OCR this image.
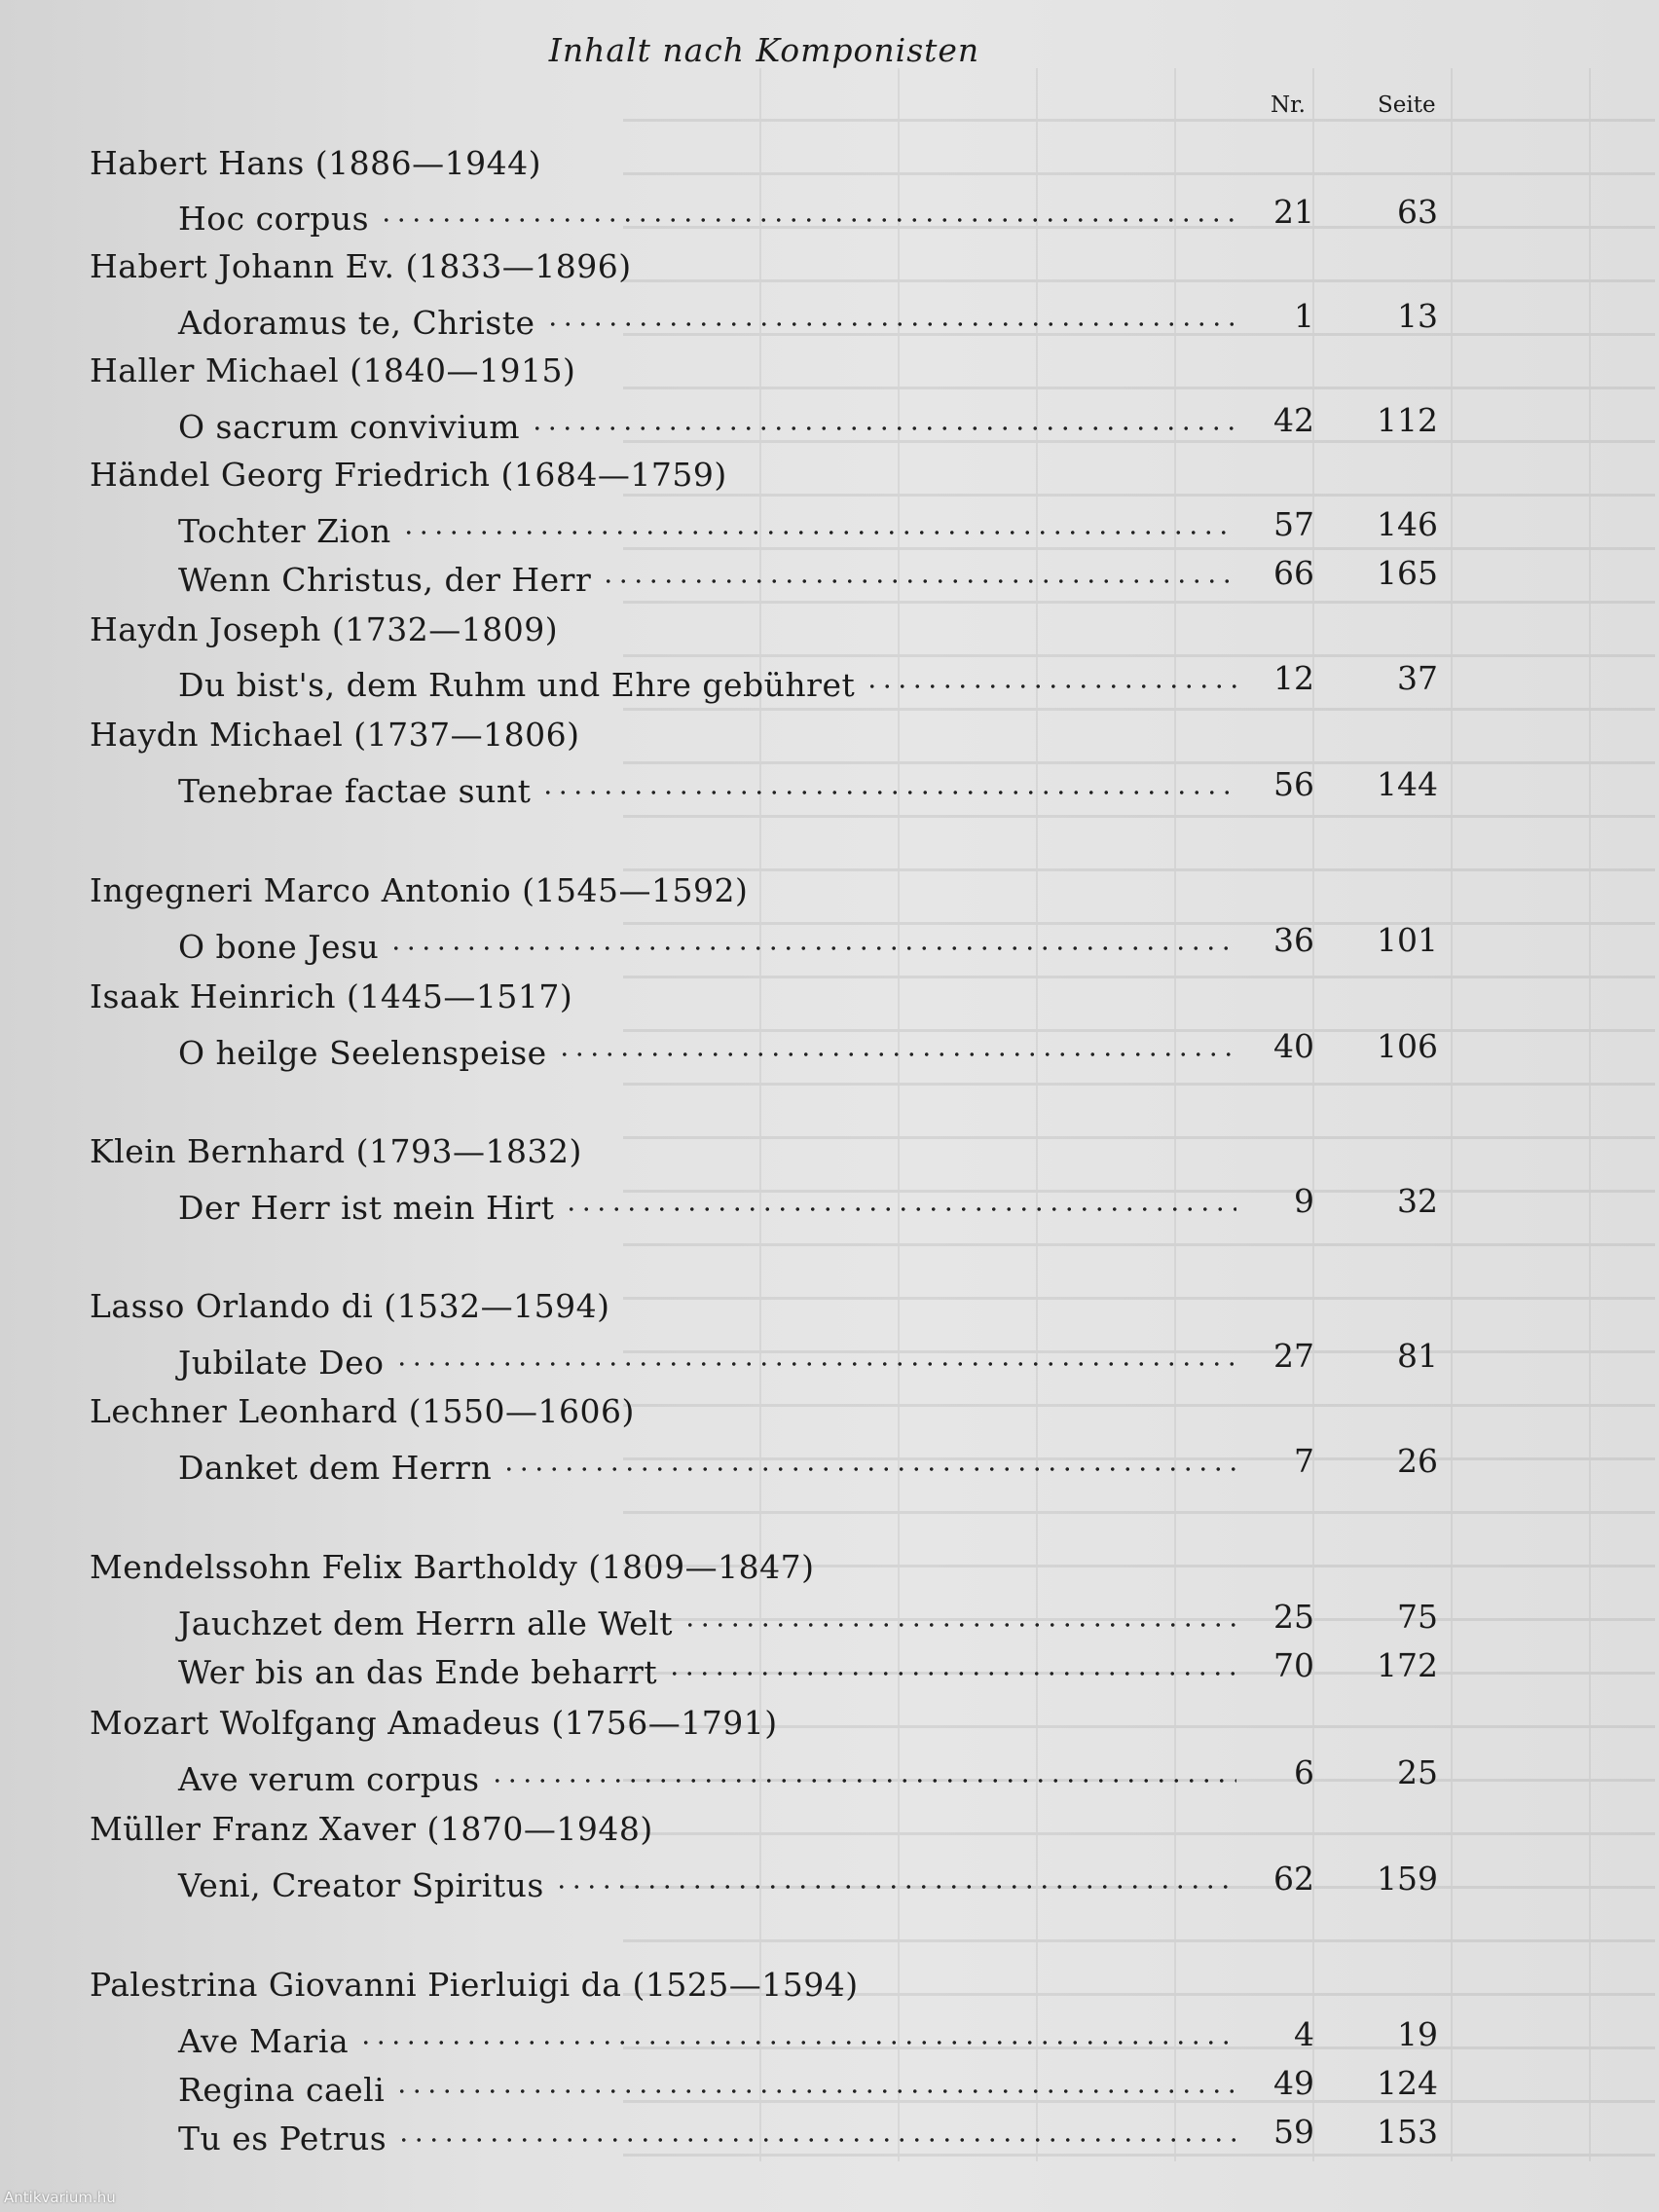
Inhalt nach Komponisten
Nr.	Seite
Habert Hans (1886—1944)
Hoc corpus	21	63
Habert Johann Ev. (1833—1896)
Adoramus te, Christe	1	13
Haller Michael (1840—1915)
O sacrum convivium	42	112
Händel Georg Friedrich (1684—1759)
Tochter Zion	57	146
Wenn Christus, der Herr	66	165
Haydn Joseph (1732—1809)
Du bist's, dem Ruhm und Ehre gebühret	12	37
Haydn Michael (1737—1806)
Tenebrae factae sunt	56	144
Ingegneri Marco Antonio (1545—1592)
O bone Jesu	36	101
Isaak Heinrich (1445—1517)
O heilge Seelenspeise	40	106
Klein Bernhard (1793—1832)
Der Herr ist mein Hirt	9	32
Lasso Orlando di (1532—1594)
Jubilate Deo	27	81
Lechner Leonhard (1550—1606)
Danket dem Herrn	7	26
Mendelssohn Felix Bartholdy (1809—1847)
Jauchzet dem Herrn alle Welt	25	75
Wer bis an das Ende beharrt	70	172
Mozart Wolfgang Amadeus (1756—1791)
Ave verum corpus	6	25
Müller Franz Xaver (1870—1948)
Veni, Creator Spiritus	62	159
Palestrina Giovanni Pierluigi da (1525—1594)
Ave Maria	4	19
Regina caeli	49	124
Tu es Petrus	59	153
Antikvarium.hu
